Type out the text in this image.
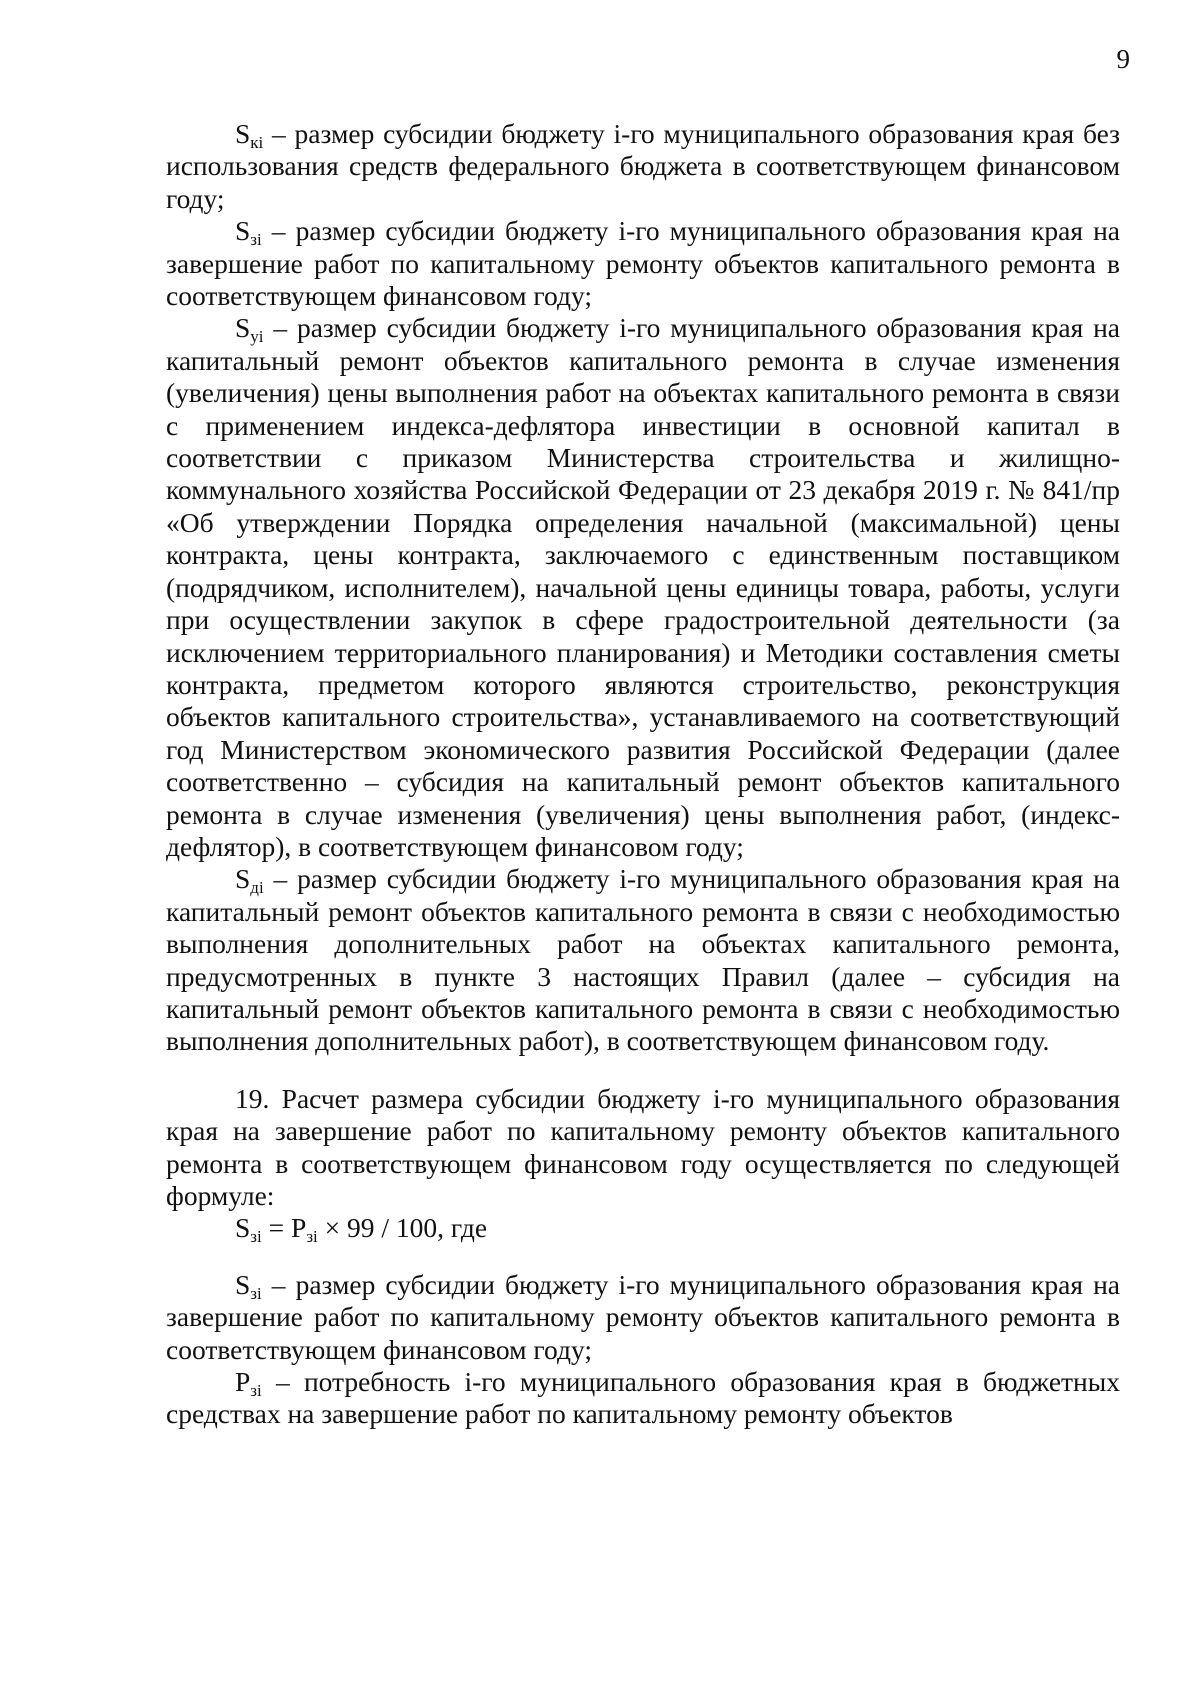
9

$S_{кi}$ – размер субсидии бюджету i-го муниципального образования края без использования средств федерального бюджета в соответствующем финансовом году;

$S_{зi}$ – размер субсидии бюджету i-го муниципального образования края на завершение работ по капитальному ремонту объектов капитального ремонта в соответствующем финансовом году;

$S_{уi}$ – размер субсидии бюджету i-го муниципального образования края на капитальный ремонт объектов капитального ремонта в случае изменения (увеличения) цены выполнения работ на объектах капитального ремонта в связи с применением индекса-дефлятора инвестиции в основной капитал в соответствии с приказом Министерства строительства и жилищно-коммунального хозяйства Российской Федерации от 23 декабря 2019 г. № 841/пр «Об утверждении Порядка определения начальной (максимальной) цены контракта, цены контракта, заключаемого с единственным поставщиком (подрядчиком, исполнителем), начальной цены единицы товара, работы, услуги при осуществлении закупок в сфере градостроительной деятельности (за исключением территориального планирования) и Методики составления сметы контракта, предметом которого являются строительство, реконструкция объектов капитального строительства», устанавливаемого на соответствующий год Министерством экономического развития Российской Федерации (далее соответственно – субсидия на капитальный ремонт объектов капитального ремонта в случае изменения (увеличения) цены выполнения работ, (индекс-дефлятор), в соответствующем финансовом году;

$S_{дi}$ – размер субсидии бюджету i-го муниципального образования края на капитальный ремонт объектов капитального ремонта в связи с необходимостью выполнения дополнительных работ на объектах капитального ремонта, предусмотренных в пункте 3 настоящих Правил (далее – субсидия на капитальный ремонт объектов капитального ремонта в связи с необходимостью выполнения дополнительных работ), в соответствующем финансовом году.

19. Расчет размера субсидии бюджету i-го муниципального образования края на завершение работ по капитальному ремонту объектов капитального ремонта в соответствующем финансовом году осуществляется по следующей формуле:

$S_{зi} = P_{зi} \times 99 / 100$, где

$S_{зi}$ – размер субсидии бюджету i-го муниципального образования края на завершение работ по капитальному ремонту объектов капитального ремонта в соответствующем финансовом году;

$P_{зi}$ – потребность i-го муниципального образования края в бюджетных средствах на завершение работ по капитальному ремонту объектов
